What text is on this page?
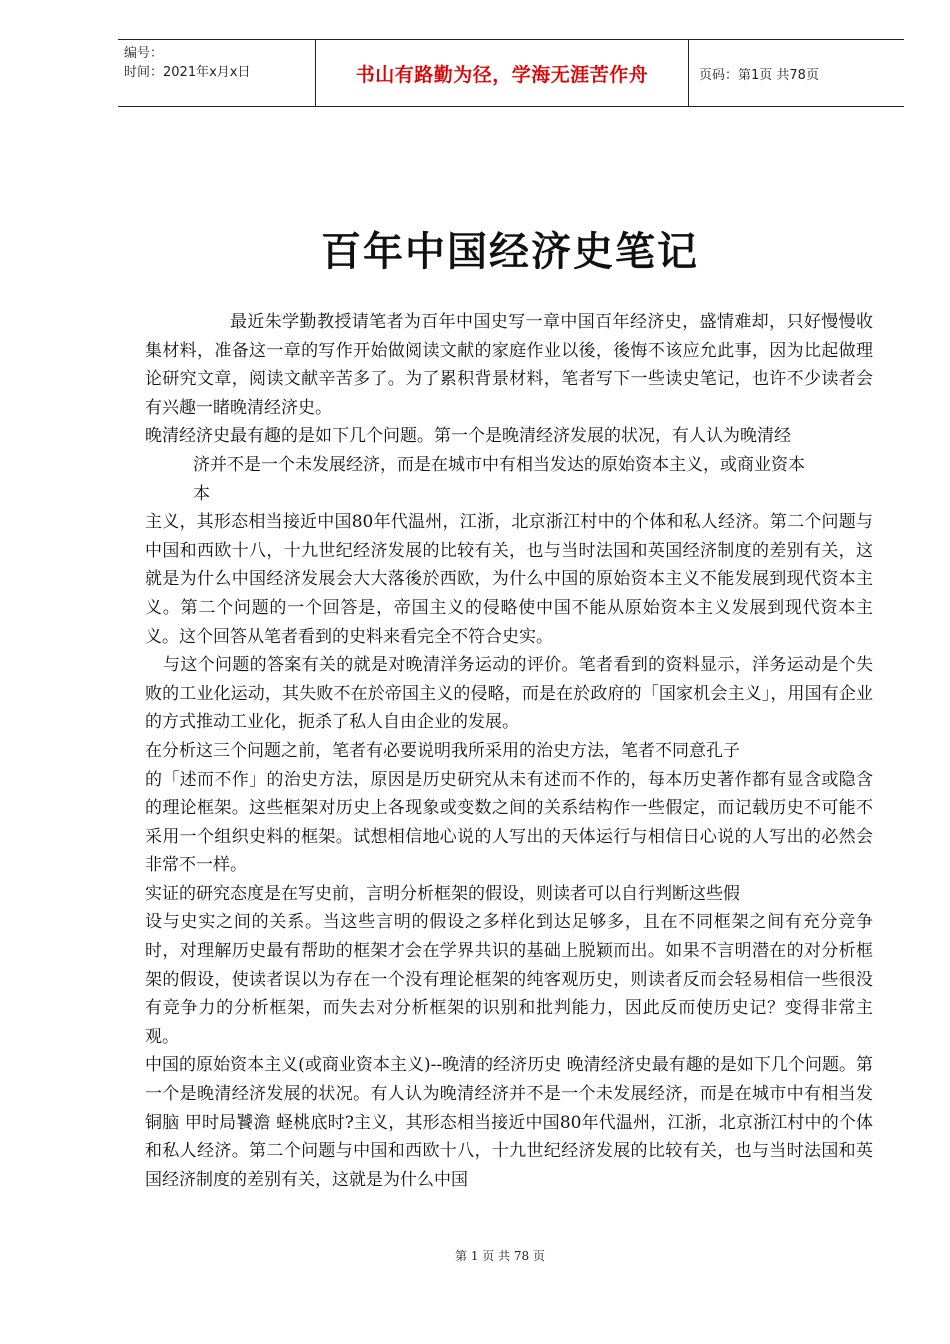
编号：
时间：2021年x月x日	书山有路勤为径，学海无涯苦作舟	页码：第1页 共78页
百年中国经济史笔记

最近朱学勤教授请笔者为百年中国史写一章中国百年经济史，盛情难却，只好慢慢收集材料，准备这一章的写作开始做阅读文献的家庭作业以後，後悔不该应允此事，因为比起做理论研究文章，阅读文献辛苦多了。为了累积背景材料，笔者写下一些读史笔记，也许不少读者会有兴趣一睹晚清经济史。

晚清经济史最有趣的是如下几个问题。第一个是晚清经济发展的状况，有人认为晚清经

济并不是一个未发展经济，而是在城市中有相当发达的原始资本主义，或商业资本

本

主义，其形态相当接近中国80年代温州，江浙，北京浙江村中的个体和私人经济。第二个问题与中国和西欧十八，十九世纪经济发展的比较有关，也与当时法国和英国经济制度的差别有关，这就是为什么中国经济发展会大大落後於西欧，为什么中国的原始资本主义不能发展到现代资本主义。第二个问题的一个回答是，帝国主义的侵略使中国不能从原始资本主义发展到现代资本主义。这个回答从笔者看到的史料来看完全不符合史实。

与这个问题的答案有关的就是对晚清洋务运动的评价。笔者看到的资料显示，洋务运动是个失败的工业化运动，其失败不在於帝国主义的侵略，而是在於政府的「国家机会主义」，用国有企业的方式推动工业化，扼杀了私人自由企业的发展。

在分析这三个问题之前，笔者有必要说明我所采用的治史方法，笔者不同意孔子

的「述而不作」的治史方法，原因是历史研究从未有述而不作的，每本历史著作都有显含或隐含的理论框架。这些框架对历史上各现象或变数之间的关系结构作一些假定，而记载历史不可能不采用一个组织史料的框架。试想相信地心说的人写出的天体运行与相信日心说的人写出的必然会非常不一样。

实证的研究态度是在写史前，言明分析框架的假设，则读者可以自行判断这些假

设与史实之间的关系。当这些言明的假设之多样化到达足够多，且在不同框架之间有充分竞争时，对理解历史最有帮助的框架才会在学界共识的基础上脱颖而出。如果不言明潜在的对分析框架的假设，使读者误以为存在一个没有理论框架的纯客观历史，则读者反而会轻易相信一些很没有竞争力的分析框架，而失去对分析框架的识别和批判能力，因此反而使历史记？变得非常主观。

中国的原始资本主义(或商业资本主义)--晚清的经济历史 晚清经济史最有趣的是如下几个问题。第一个是晚清经济发展的状况。有人认为晚清经济并不是一个未发展经济，而是在城市中有相当发铜脑 甲时局饕澹 蛏桃底时?主义，其形态相当接近中国80年代温州，江浙，北京浙江村中的个体和私人经济。第二个问题与中国和西欧十八，十九世纪经济发展的比较有关，也与当时法国和英国经济制度的差别有关，这就是为什么中国

第 1 页 共 78 页
